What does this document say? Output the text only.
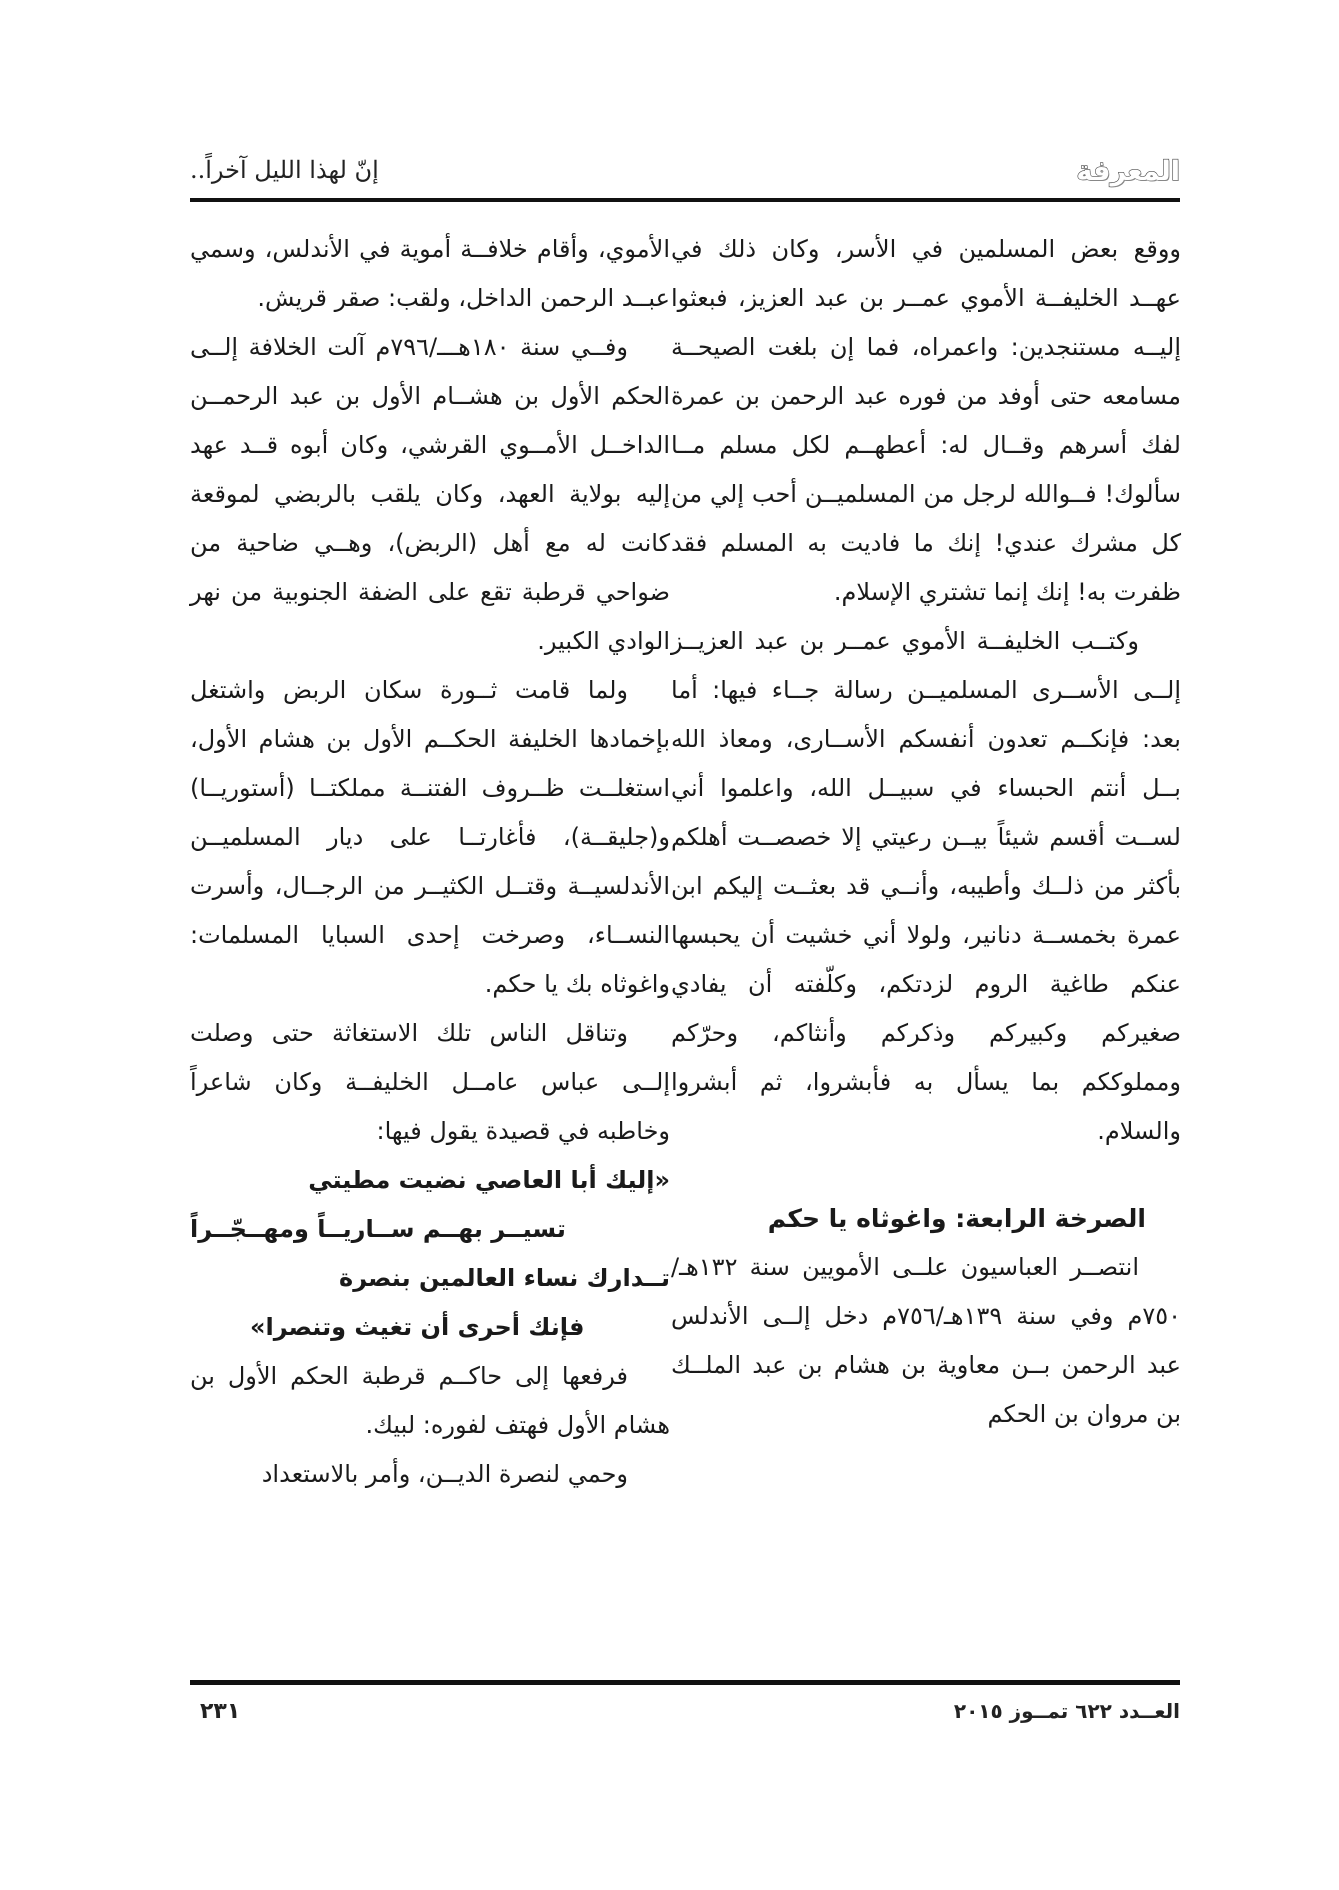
المعرفة
إنّ لهذا الليل آخراً..

ووقع بعض المسلمين في الأسر، وكان ذلك في عهــد الخليفــة الأموي عمــر بن عبد العزيز، فبعثوا إليــه مستنجدين: واعمراه، فما إن بلغت الصيحــة مسامعه حتى أوفد من فوره عبد الرحمن بن عمرة لفك أسرهم وقــال له: أعطهــم لكل مسلم مــا سألوك! فــوالله لرجل من المسلميــن أحب إلي من كل مشرك عندي! إنك ما فاديت به المسلم فقد ظفرت به! إنك إنما تشتري الإسلام.

وكتــب الخليفــة الأموي عمــر بن عبد العزيــز إلــى الأســرى المسلميــن رسالة جــاء فيها: أما بعد: فإنكــم تعدون أنفسكم الأســارى، ومعاذ الله بــل أنتم الحبساء في سبيــل الله، واعلموا أني لســت أقسم شيئاً بيــن رعيتي إلا خصصــت أهلكم بأكثر من ذلــك وأطيبه، وأنــي قد بعثــت إليكم ابن عمرة بخمســة دنانير، ولولا أني خشيت أن يحبسها عنكم طاغية الروم لزدتكم، وكلّفته أن يفادي صغيركم وكبيركم وذكركم وأنثاكم، وحرّكم ومملوككم بما يسأل به فأبشروا، ثم أبشروا والسلام.

الصرخة الرابعة: واغوثاه يا حكم

انتصــر العباسيون علــى الأمويين سنة ١٣٢هـ/٧٥٠م وفي سنة ١٣٩هـ/٧٥٦م دخل إلــى الأندلس عبد الرحمن بــن معاوية بن هشام بن عبد الملــك بن مروان بن الحكم

الأموي، وأقام خلافــة أموية في الأندلس، وسمي عبــد الرحمن الداخل، ولقب: صقر قريش.

وفــي سنة ١٨٠هـــ/٧٩٦م آلت الخلافة إلــى الحكم الأول بن هشــام الأول بن عبد الرحمــن الداخــل الأمــوي القرشي، وكان أبوه قــد عهد إليه بولاية العهد، وكان يلقب بالربضي لموقعة كانت له مع أهل (الربض)، وهــي ضاحية من ضواحي قرطبة تقع على الضفة الجنوبية من نهر الوادي الكبير.

ولما قامت ثــورة سكان الربض واشتغل بإخمادها الخليفة الحكــم الأول بن هشام الأول، استغلــت ظــروف الفتنــة مملكتــا (أستوريــا) و(جليقــة)، فأغارتــا على ديار المسلميــن الأندلسيــة وقتــل الكثيــر من الرجــال، وأسرت النســاء، وصرخت إحدى السبايا المسلمات: واغوثاه بك يا حكم.

وتناقل الناس تلك الاستغاثة حتى وصلت إلــى عباس عامــل الخليفــة وكان شاعراً وخاطبه في قصيدة يقول فيها:

«إليك أبا العاصي نضيت مطيتي

تسيــر بهــم ســاريــاً ومهــجّــراً

تــدارك نساء العالمين بنصرة

فإنك أحرى أن تغيث وتنصرا»

فرفعها إلى حاكــم قرطبة الحكم الأول بن هشام الأول فهتف لفوره: لبيك.

وحمي لنصرة الديــن، وأمر بالاستعداد

العــدد ٦٢٢ تمــوز ٢٠١٥
٢٣١
